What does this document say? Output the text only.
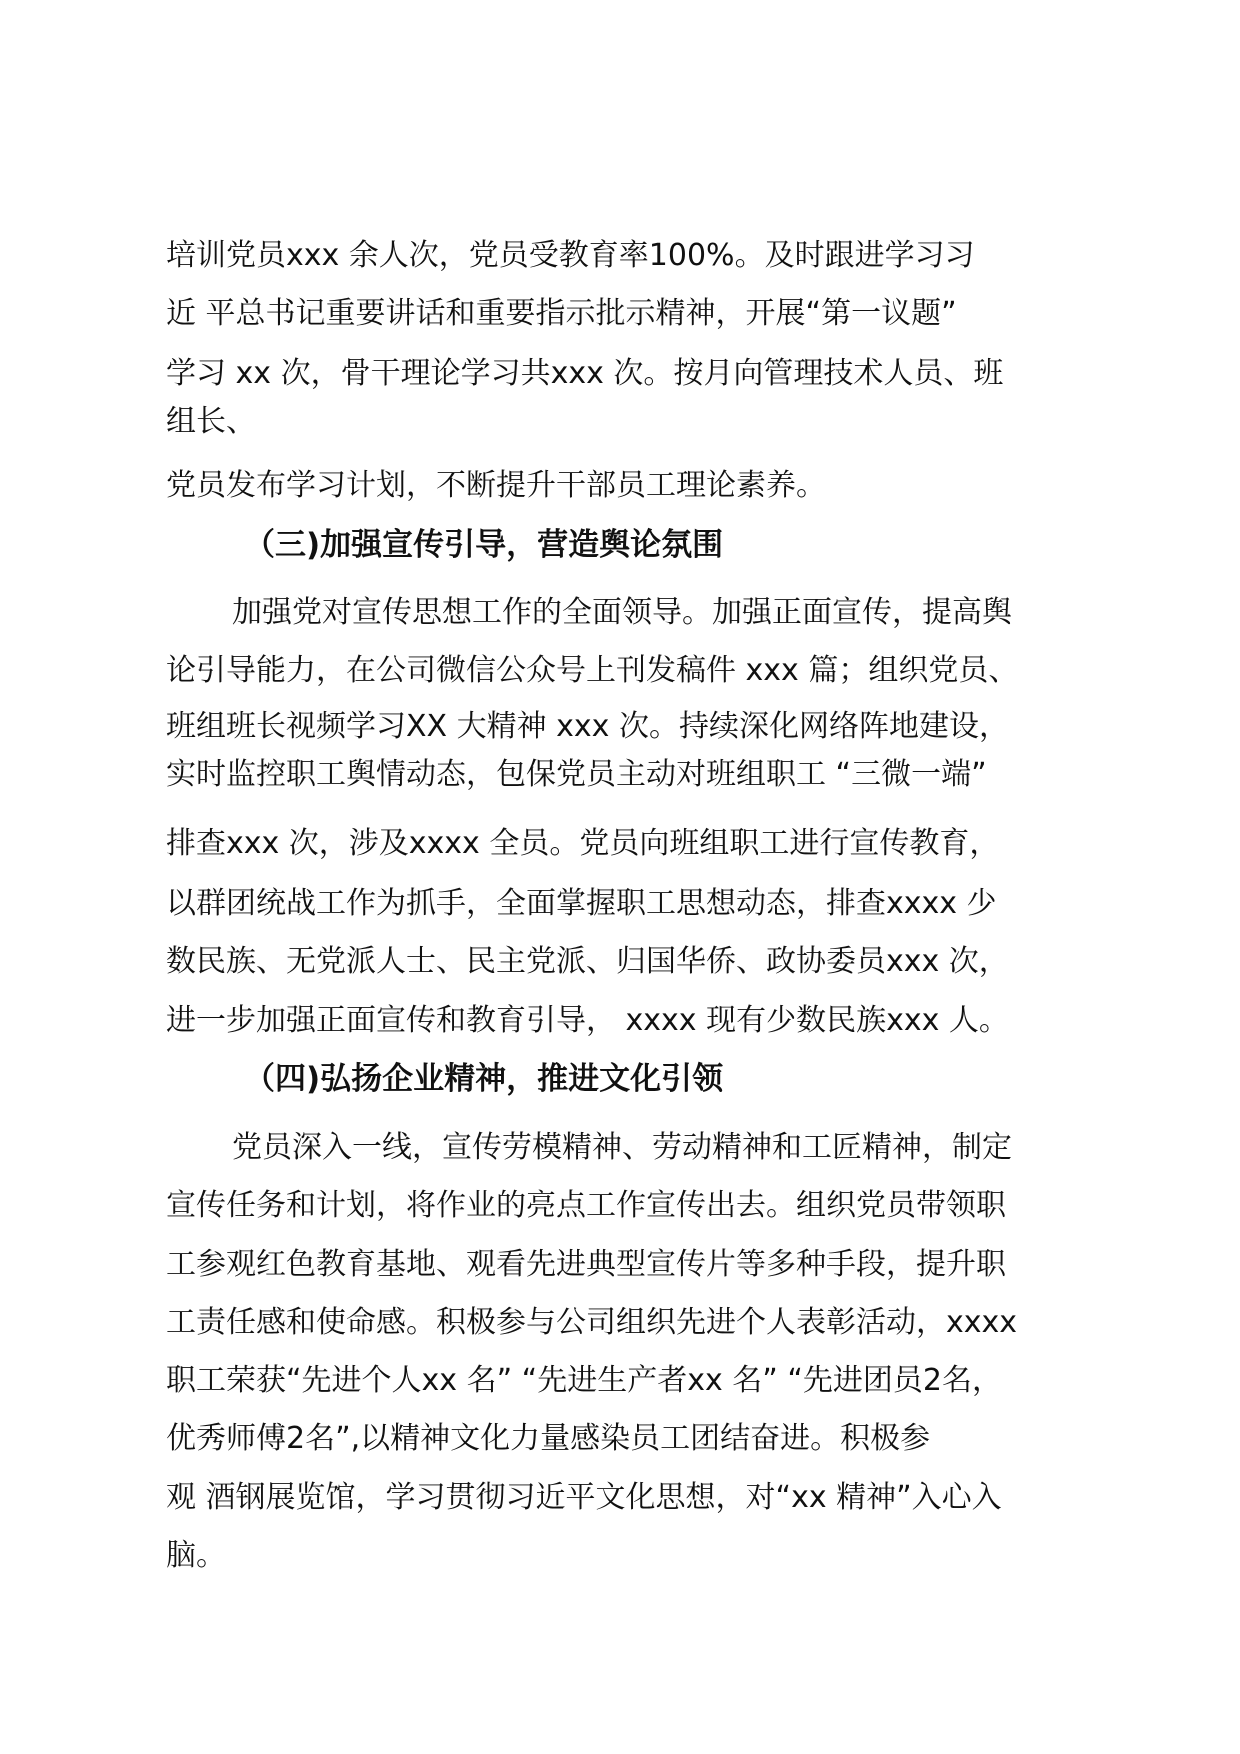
培训党员xxx 余人次，党员受教育率100%。及时跟进学习习
近 平总书记重要讲话和重要指示批示精神，开展“第一议题”
学习 xx 次，骨干理论学习共xxx 次。按月向管理技术人员、班
组长、
党员发布学习计划，不断提升干部员工理论素养。
（三)加强宣传引导，营造舆论氛围
加强党对宣传思想工作的全面领导。加强正面宣传，提高舆
论引导能力，在公司微信公众号上刊发稿件 xxx 篇；组织党员、
班组班长视频学习XX 大精神 xxx 次。持续深化网络阵地建设，
实时监控职工舆情动态，包保党员主动对班组职工 “三微一端”
排查xxx 次，涉及xxxx 全员。党员向班组职工进行宣传教育，
以群团统战工作为抓手，全面掌握职工思想动态，排查xxxx 少
数民族、无党派人士、民主党派、归国华侨、政协委员xxx 次，
进一步加强正面宣传和教育引导， xxxx 现有少数民族xxx 人。
（四)弘扬企业精神，推进文化引领
党员深入一线，宣传劳模精神、劳动精神和工匠精神，制定
宣传任务和计划，将作业的亮点工作宣传出去。组织党员带领职
工参观红色教育基地、观看先进典型宣传片等多种手段，提升职
工责任感和使命感。积极参与公司组织先进个人表彰活动，xxxx
职工荣获“先进个人xx 名” “先进生产者xx 名” “先进团员2名，
优秀师傅2名”,以精神文化力量感染员工团结奋进。积极参
观 酒钢展览馆，学习贯彻习近平文化思想，对“xx 精神”入心入
脑。
